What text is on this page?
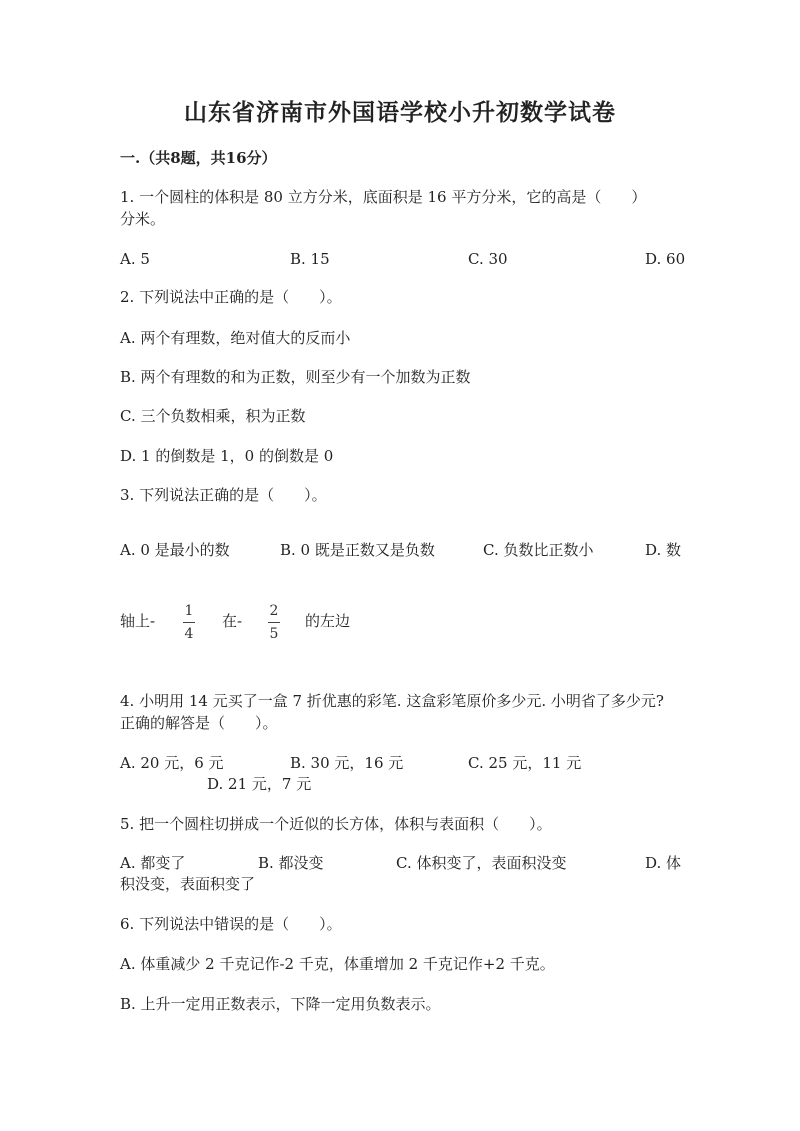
山东省济南市外国语学校小升初数学试卷
一.（共8题，共16分）
1. 一个圆柱的体积是 80 立方分米，底面积是 16 平方分米，它的高是（　　）
分米。
A. 5	B. 15	C. 30	D. 60
2. 下列说法中正确的是（　　）。
A. 两个有理数，绝对值大的反而小
B. 两个有理数的和为正数，则至少有一个加数为正数
C. 三个负数相乘，积为正数
D. 1 的倒数是 1，0 的倒数是 0
3. 下列说法正确的是（　　）。
A. 0 是最小的数	B. 0 既是正数又是负数	C. 负数比正数小	D. 数
轴上-
1
4
在-
2
5
的左边
4. 小明用 14 元买了一盒 7 折优惠的彩笔. 这盒彩笔原价多少元. 小明省了多少元?
正确的解答是（　　）。
A. 20 元，6 元	B. 30 元，16 元	C. 25 元，11 元
D. 21 元，7 元
5. 把一个圆柱切拼成一个近似的长方体，体积与表面积（　　）。
A. 都变了	B. 都没变	C. 体积变了，表面积没变	D. 体
积没变，表面积变了
6. 下列说法中错误的是（　　）。
A. 体重减少 2 千克记作-2 千克，体重增加 2 千克记作+2 千克。
B. 上升一定用正数表示，下降一定用负数表示。
